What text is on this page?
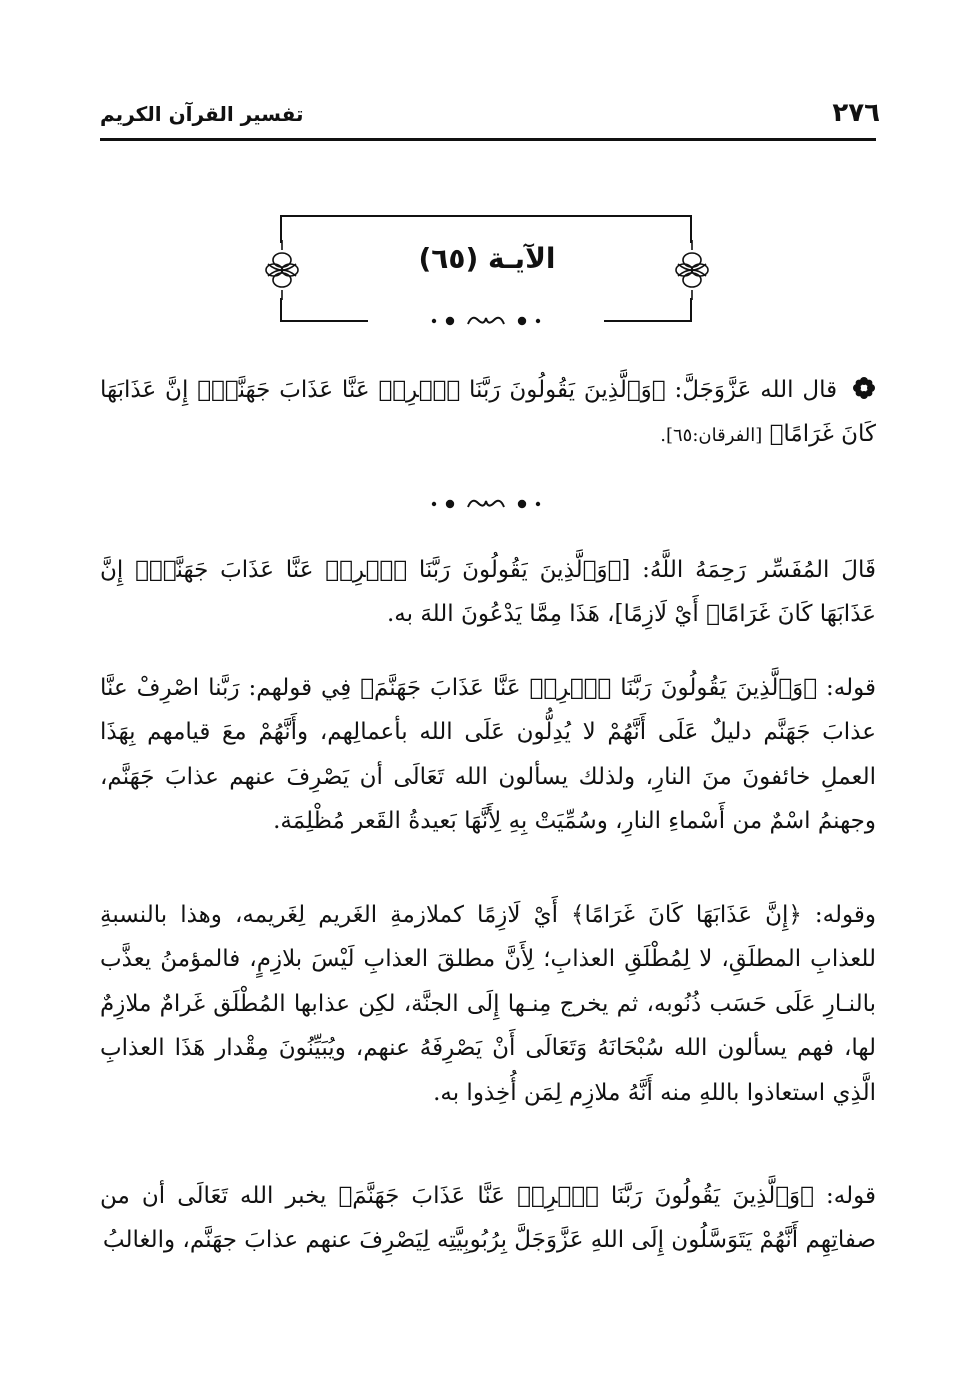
٢٧٦
تفسير القرآن الكريم
الآيـة (٦٥)
قال الله عَزَّوَجَلَّ: ﴿وَٱلَّذِينَ يَقُولُونَ رَبَّنَا ٱصۡرِفۡ عَنَّا عَذَابَ جَهَنَّمَۖ إِنَّ عَذَابَهَا كَانَ غَرَامًا﴾ [الفرقان:٦٥].
قَالَ المُفَسِّر رَحِمَهُ اللَّهُ: [﴿وَٱلَّذِينَ يَقُولُونَ رَبَّنَا ٱصۡرِفۡ عَنَّا عَذَابَ جَهَنَّمَۖ إِنَّ عَذَابَهَا كَانَ غَرَامًا﴾ أَيْ لَازِمًا]، هَذَا مِمَّا يَدْعُونَ اللهَ به.
قوله: ﴿وَٱلَّذِينَ يَقُولُونَ رَبَّنَا ٱصۡرِفۡ عَنَّا عَذَابَ جَهَنَّمَ﴾ فِي قولهم: رَبَّنا اصْرِفْ عنَّا عذابَ جَهَنَّم دليلٌ عَلَى أَنَّهُمْ لا يُدِلُّون عَلَى الله بأعمالِهم، وأَنَّهُمْ معَ قيامهم بِهَذَا العملِ خائفونَ منَ النارِ، ولذلك يسألون الله تَعَالَى أن يَصْرِفَ عنهم عذابَ جَهَنَّم، وجهنمُ اسْمٌ من أَسْماءِ النارِ، وسُمِّيَتْ بِهِ لِأَنَّهَا بَعيدةُ القَعر مُظْلِمَة.
وقوله: ﴿إِنَّ عَذَابَهَا كَانَ غَرَامًا﴾ أَيْ لَازِمًا كملازمةِ الغَريم لِغَريمه، وهذا بالنسبةِ للعذابِ المطلَقِ، لا لِمُطْلَقِ العذابِ؛ لِأَنَّ مطلقَ العذابِ لَيْسَ بلازِمٍ، فالمؤمنُ يعذَّب بالنـارِ عَلَى حَسَب ذُنُوبه، ثم يخرج مِنـها إِلَى الجنَّة، لكِن عذابها المُطْلَق غَرامٌ ملازِمٌ لها، فهم يسألون الله سُبْحَانَهُ وَتَعَالَى أَنْ يَصْرِفَهُ عنهم، ويُبَيِّنُونَ مِقْدار هَذَا العذابِ الَّذِي استعاذوا باللهِ منه أَنَّهُ ملازِم لِمَن أُخِذوا به.
قوله: ﴿وَٱلَّذِينَ يَقُولُونَ رَبَّنَا ٱصۡرِفۡ عَنَّا عَذَابَ جَهَنَّمَ﴾ يخبر الله تَعَالَى أن من صفاتِهِم أَنَّهُمْ يَتَوَسَّلُون إِلَى اللهِ عَزَّوَجَلَّ بِرُبُوبِيَّتِه لِيَصْرِفَ عنهم عذابَ جهَنَّم، والغالبُ
